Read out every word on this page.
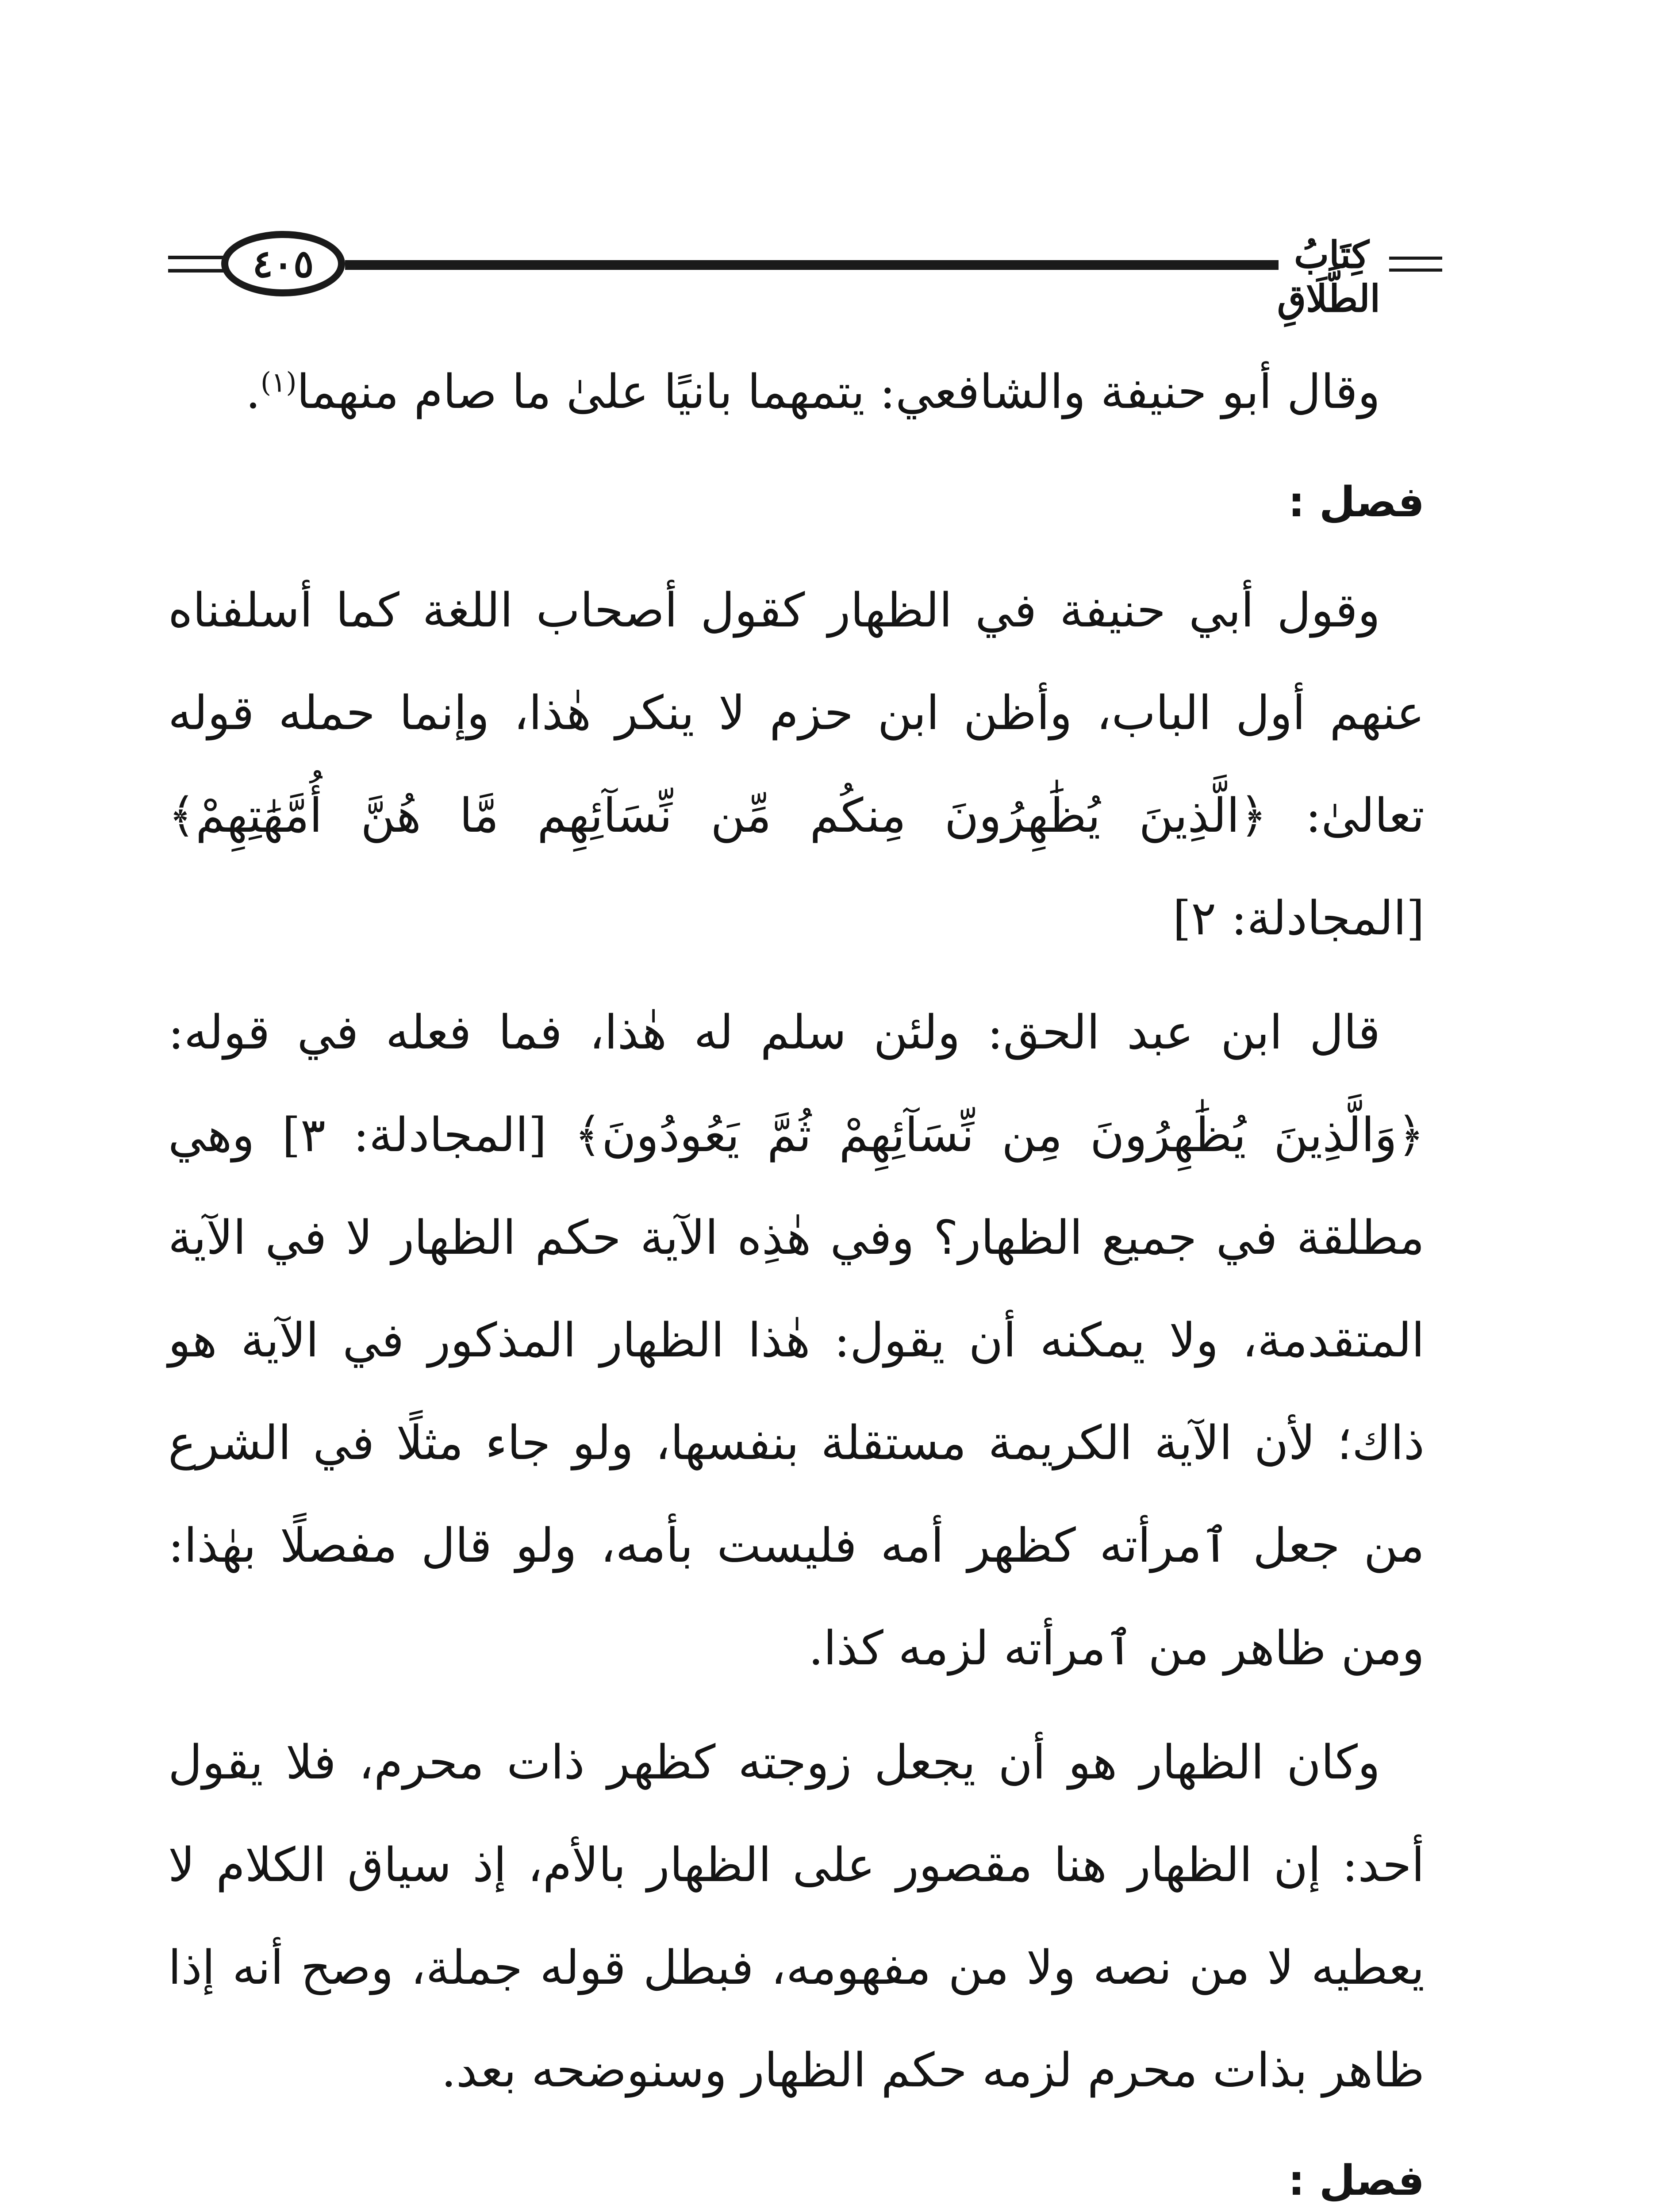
٤٠٥	كِتَابُ الطَّلَاقِ

وقال أبو حنيفة والشافعي: يتمهما بانيًا علىٰ ما صام منهما$^{(١)}$.

فصل :

وقول أبي حنيفة في الظهار كقول أصحاب اللغة كما أسلفناه عنهم أول الباب، وأظن ابن حزم لا ينكر هٰذا، وإنما حمله قوله تعالىٰ: ﴿الَّذِينَ يُظَٰهِرُونَ مِنكُم مِّن نِّسَآئِهِم مَّا هُنَّ أُمَّهَٰتِهِمْ﴾ [المجادلة: ٢]

قال ابن عبد الحق: ولئن سلم له هٰذا، فما فعله في قوله: ﴿وَالَّذِينَ يُظَٰهِرُونَ مِن نِّسَآئِهِمْ ثُمَّ يَعُودُونَ﴾ [المجادلة: ٣] وهي مطلقة في جميع الظهار؟ وفي هٰذِه الآية حكم الظهار لا في الآية المتقدمة، ولا يمكنه أن يقول: هٰذا الظهار المذكور في الآية هو ذاك؛ لأن الآية الكريمة مستقلة بنفسها، ولو جاء مثلًا في الشرع من جعل ٱمرأته كظهر أمه فليست بأمه، ولو قال مفصلًا بهٰذا: ومن ظاهر من ٱمرأته لزمه كذا.

وكان الظهار هو أن يجعل زوجته كظهر ذات محرم، فلا يقول أحد: إن الظهار هنا مقصور على الظهار بالأم، إذ سياق الكلام لا يعطيه لا من نصه ولا من مفهومه، فبطل قوله جملة، وصح أنه إذا ظاهر بذات محرم لزمه حكم الظهار وسنوضحه بعد.

فصل :
